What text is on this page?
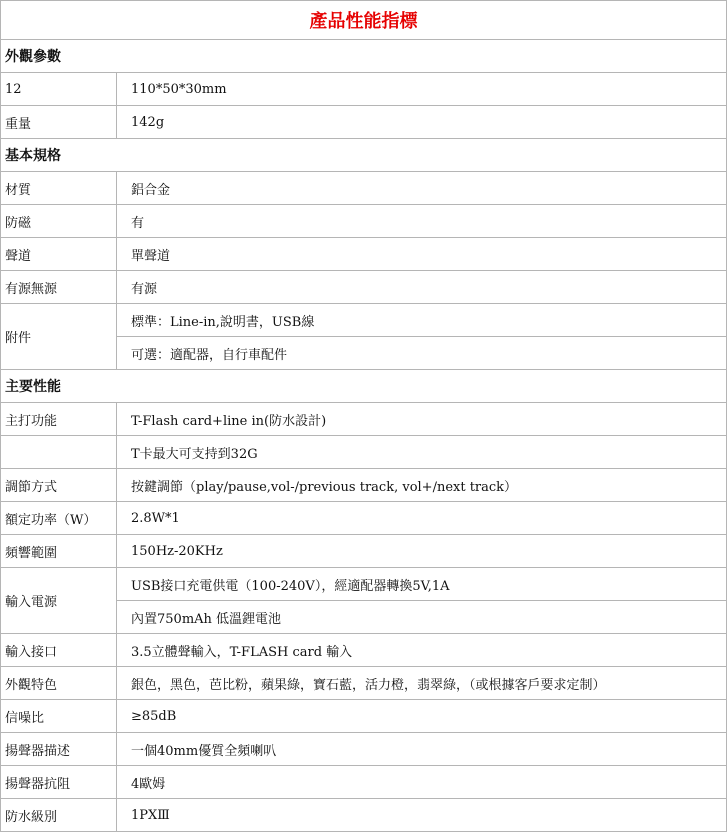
產品性能指標	
外觀參數	
12	110*50*30mm
重量	142g
基本規格	
材質	鋁合金
防磁	有
聲道	單聲道
有源無源	有源
附件	標準：Line-in,說明書，USB線
	可選：適配器，自行車配件
主要性能	
主打功能	T-Flash card+line in(防水設計)
	T卡最大可支持到32G
調節方式	按鍵調節（play/pause,vol-/previous track, vol+/next track）
額定功率（W）	2.8W*1
頻響範圍	150Hz-20KHz
輸入電源	USB接口充電供電（100-240V），經適配器轉換5V,1A
	內置750mAh 低溫鋰電池
輸入接口	3.5立體聲輸入，T-FLASH card 輸入
外觀特色	銀色，黑色，芭比粉，蘋果綠，寶石藍，活力橙，翡翠綠，（或根據客戶要求定制）
信噪比	≥85dB
揚聲器描述	一個40mm優質全頻喇叭
揚聲器抗阻	4歐姆
防水級別	1PXⅢ
